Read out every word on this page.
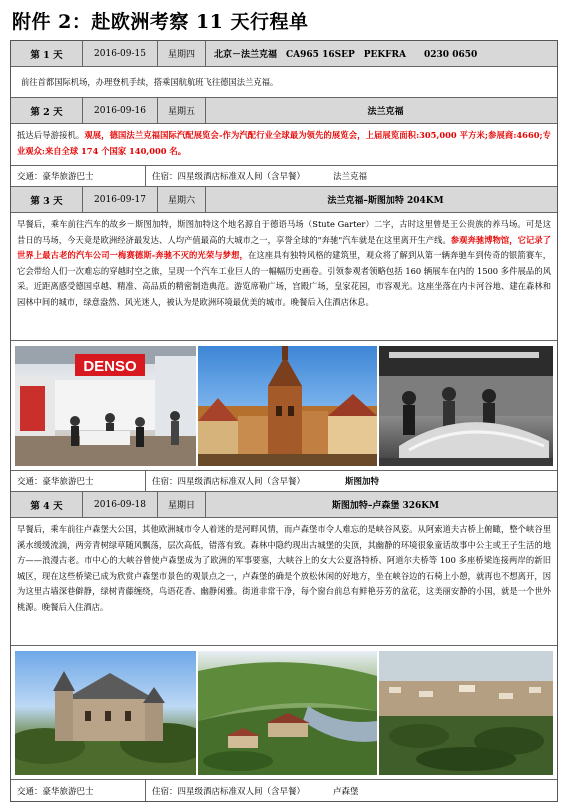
附件 2：赴欧洲考察 11 天行程单
第 1 天	2016-09-15	星期四	北京－法兰克福　CA965 16SEP　PEKFRA　　0230 0650
前往首都国际机场，办理登机手续，搭乘国航航班飞往德国法兰克福。
第 2 天	2016-09-16	星期五	法兰克福
抵达后导游接机。观展，德国法兰克福国际汽配展览会-作为汽配行业全球最为领先的展览会，上届展览面积:305,000 平方米;参展商:4660;专业观众:来自全球 174 个国家 140,000 名。
交通：豪华旅游巴士	住宿：四星级酒店标准双人间（含早餐）	法兰克福
第 3 天	2016-09-17	星期六	法兰克福–斯图加特 204KM
早餐后，乘车前往汽车的故乡－斯图加特，斯图加特这个地名源自于德语马场（Stute Garter）二字，古时这里曾是王公贵族的养马场。可是这昔日的马场，今天竟是欧洲经济最发达、人均产值最高的大城市之一，享誉全球的"奔驰"汽车就是在这里离开生产线。参观奔驰博物馆，它记录了世界上最古老的汽车公司一梅赛德斯-奔驰不灭的光荣与梦想，在这座具有独特风格的建筑里，观众将了解到从第一辆奔驰车到传奇的银箭赛车，它会带给人们一次难忘的穿越时空之旅，呈现一个汽车工业巨人的一幅幅历史画卷。引领参观者领略包括 160 辆展车在内的 1500 多件展品的风采。近距离感受德国卓越、精准、高品质的精密制造典范。游览席勒广场，宫殿广场，皇家花园，市容观光。这座坐落在内卡河谷地、建在森林和园林中间的城市，绿意盎然、风光迷人，被认为是欧洲环境最优美的城市。晚餐后入住酒店休息。
DENSO
交通：豪华旅游巴士	住宿：四星级酒店标准双人间（含早餐）	斯图加特
第 4 天	2016-09-18	星期日	斯图加特–卢森堡 326KM
早餐后，乘车前往卢森堡大公国，其他欧洲城市令人着迷的是河畔风情，而卢森堡市令人难忘的是峡谷风姿。从阿索道夫古桥上俯瞰，整个峡谷里溪水缓缓流淌，两旁青树绿草随风飘荡，层次高低，错落有致。森林中隐约现出古城堡的尖顶，其幽静的环境很象童话故事中公主或王子生活的地方——浪漫古老。市中心的大峡谷曾使卢森堡成为了欧洲的军事要塞，大峡谷上的女大公夏洛特桥、阿道尔夫桥等 100 多座桥梁连接两岸的新旧城区，现在这些桥梁已成为欣赏卢森堡市景色的观景点之一，卢森堡的确是个放松休闲的好地方，坐在峡谷边的石椅上小憩，就再也不想离开，因为这里古墙深巷僻静，绿树青藤缠绕，鸟语花香、幽静闲雅。街道非常干净，每个窗台前总有鲜艳芬芳的盆花，这美丽安静的小国，就是一个世外桃源。晚餐后入住酒店。
交通：豪华旅游巴士	住宿：四星级酒店标准双人间（含早餐）	卢森堡
